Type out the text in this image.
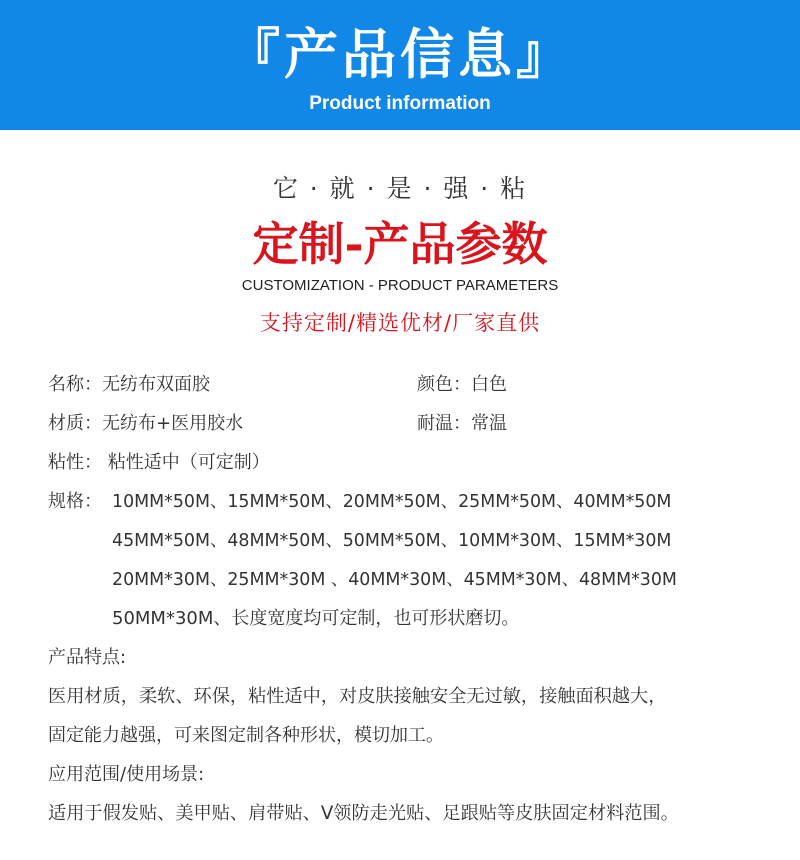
『产品信息』
Product information
它 · 就 · 是 · 强 · 粘
定制-产品参数
CUSTOMIZATION - PRODUCT PARAMETERS
支持定制/精选优材/厂家直供
名称：无纺布双面胶	颜色：白色
材质：无纺布+医用胶水	耐温：常温
粘性： 粘性适中（可定制）
规格： 10MM*50M、15MM*50M、20MM*50M、25MM*50M、40MM*50M
45MM*50M、48MM*50M、50MM*50M、10MM*30M、15MM*30M
20MM*30M、25MM*30M 、40MM*30M、45MM*30M、48MM*30M
50MM*30M、长度宽度均可定制，也可形状磨切。
产品特点:
医用材质，柔软、环保，粘性适中，对皮肤接触安全无过敏，接触面积越大，
固定能力越强，可来图定制各种形状，模切加工。
应用范围/使用场景:
适用于假发贴、美甲贴、肩带贴、V领防走光贴、足跟贴等皮肤固定材料范围。
